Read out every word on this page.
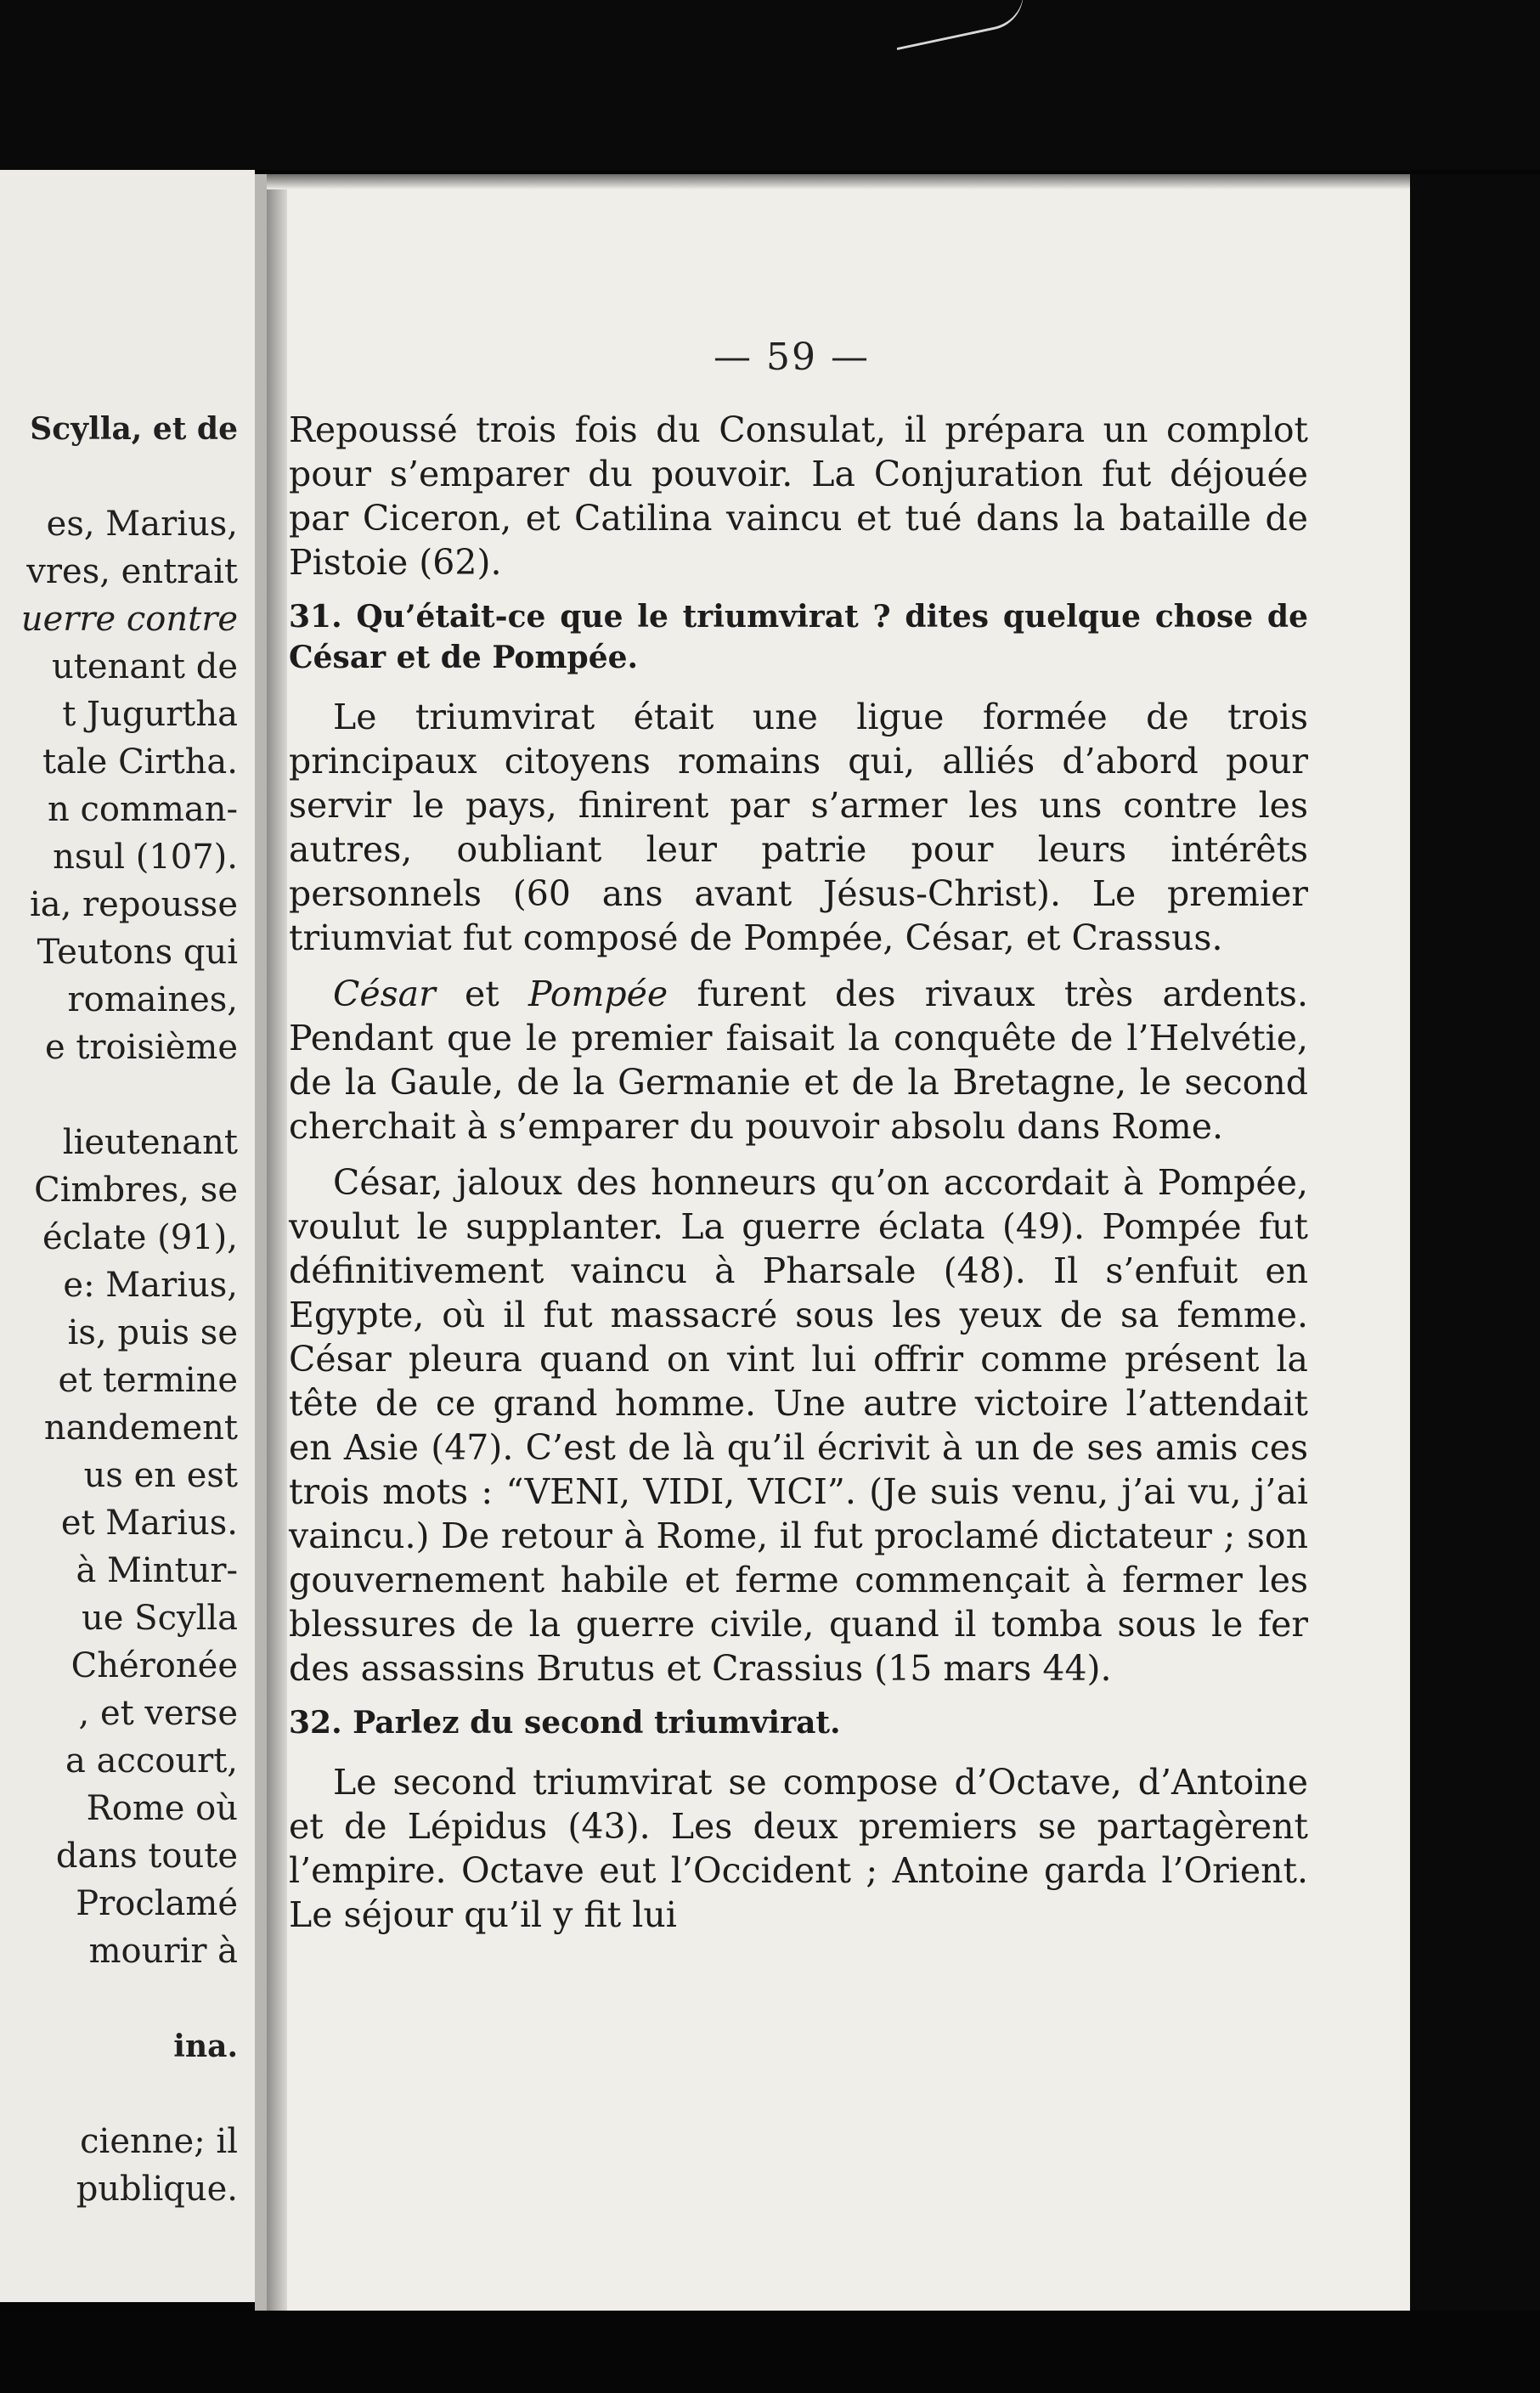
Scylla, et de
es, Marius,
vres, entrait
uerre contre
utenant de
t Jugurtha
tale Cirtha.
n comman-
nsul (107).
ia, repousse
Teutons qui
romaines,
e troisième
lieutenant
Cimbres, se
éclate (91),
e: Marius,
is, puis se
et termine
nandement
us en est
et Marius.
à Mintur-
ue Scylla
Chéronée
, et verse
a accourt,
Rome où
dans toute
Proclamé
mourir à
ina.
cienne; il
publique.
— 59 —

Repoussé trois fois du Consulat, il prépara un complot pour s’emparer du pouvoir. La Conjuration fut déjouée par Ciceron, et Catilina vaincu et tué dans la bataille de Pistoie (62).

31. Qu’était-ce que le triumvirat ? dites quelque chose de César et de Pompée.

Le triumvirat était une ligue formée de trois principaux citoyens romains qui, alliés d’abord pour servir le pays, finirent par s’armer les uns contre les autres, oubliant leur patrie pour leurs intérêts personnels (60 ans avant Jésus-Christ). Le premier triumviat fut composé de Pompée, César, et Crassus.

César et Pompée furent des rivaux très ardents. Pendant que le premier faisait la conquête de l’Helvétie, de la Gaule, de la Germanie et de la Bretagne, le second cherchait à s’emparer du pouvoir absolu dans Rome.

César, jaloux des honneurs qu’on accordait à Pompée, voulut le supplanter. La guerre éclata (49). Pompée fut définitivement vaincu à Pharsale (48). Il s’enfuit en Egypte, où il fut massacré sous les yeux de sa femme. César pleura quand on vint lui offrir comme présent la tête de ce grand homme. Une autre victoire l’attendait en Asie (47). C’est de là qu’il écrivit à un de ses amis ces trois mots : “VENI, VIDI, VICI”. (Je suis venu, j’ai vu, j’ai vaincu.) De retour à Rome, il fut proclamé dictateur ; son gouvernement habile et ferme commençait à fermer les blessures de la guerre civile, quand il tomba sous le fer des assassins Brutus et Crassius (15 mars 44).

32. Parlez du second triumvirat.

Le second triumvirat se compose d’Octave, d’Antoine et de Lépidus (43). Les deux premiers se partagèrent l’empire. Octave eut l’Occident ; Antoine garda l’Orient. Le séjour qu’il y fit lui
